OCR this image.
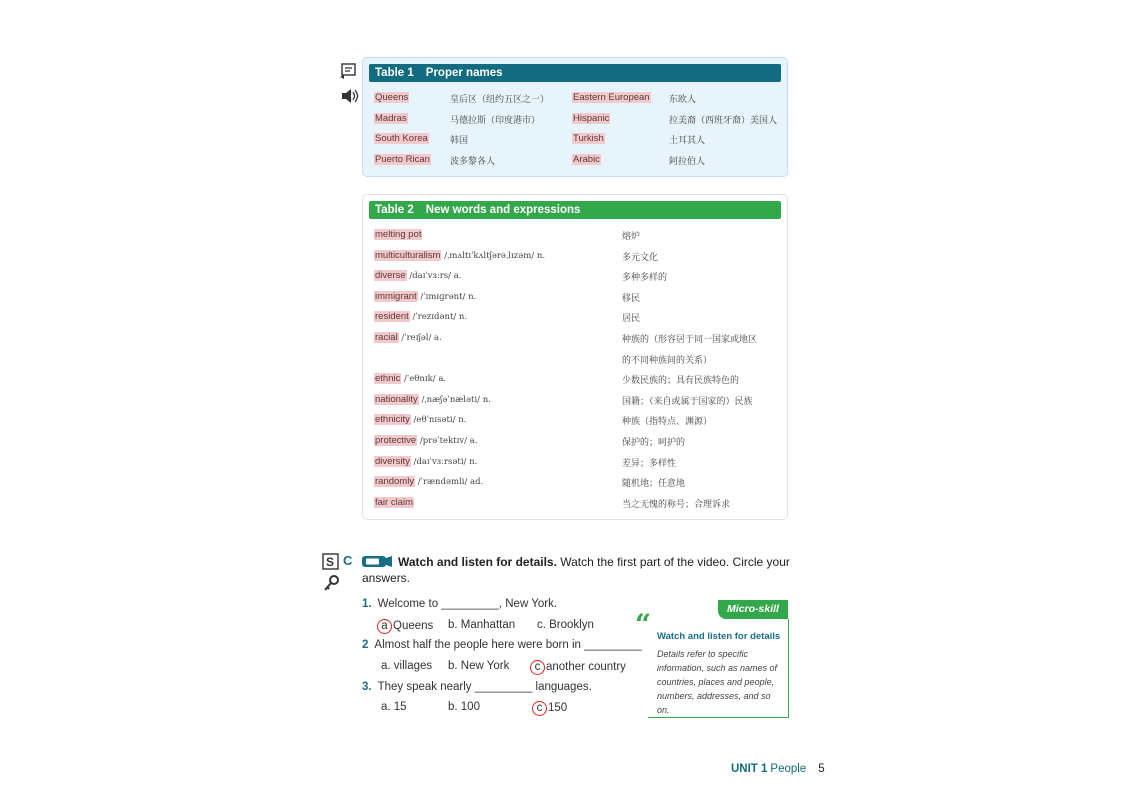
Table 1 Proper names
Queens	皇后区（纽约五区之一）	Eastern European 东欧人
Madras	马德拉斯（印度港市）	Hispanic	拉美裔（西班牙裔）美国人
South Korea 韩国	Turkish	土耳其人
Puerto Rican 波多黎各人	Arabic	阿拉伯人
Table 2 New words and expressions
melting pot	熔炉
multiculturalism /ˌmʌltɪˈkʌltʃərəˌlɪzəm/ n.	多元文化
diverse /daɪˈvɜːrs/ a.	多种多样的
immigrant /ˈɪmɪɡrənt/ n.	移民
resident /ˈrezɪdənt/ n.	居民
racial /ˈreɪʃəl/ a.	种族的（形容居于同一国家或地区
的不同种族间的关系）
ethnic /ˈeθnɪk/ a.	少数民族的；具有民族特色的
nationality /ˌnæʃəˈnæləti/ n.	国籍；（来自或属于国家的）民族
ethnicity /eθˈnɪsəti/ n.	种族（指特点、渊源）
protective /prəˈtektɪv/ a.	保护的；呵护的
diversity /daɪˈvɜːrsəti/ n.	差异；多样性
randomly /ˈrændəmli/ ad.	随机地；任意地
fair claim	当之无愧的称号；合理诉求
S C	Watch and listen for details. Watch the first part of the video. Circle your
answers.
1. Welcome to _________, New York.
a Queens b. Manhattan c. Brooklyn
2 Almost half the people here were born in _________
a. villages b. New York	c another country
3. They speak nearly _________ languages.
a. 15	b. 100	c 150
Micro-skill
“ Watch and listen for details
Details refer to specific information, such as names of countries, places and people, numbers, addresses, and so on.
UNIT 1 People 5
